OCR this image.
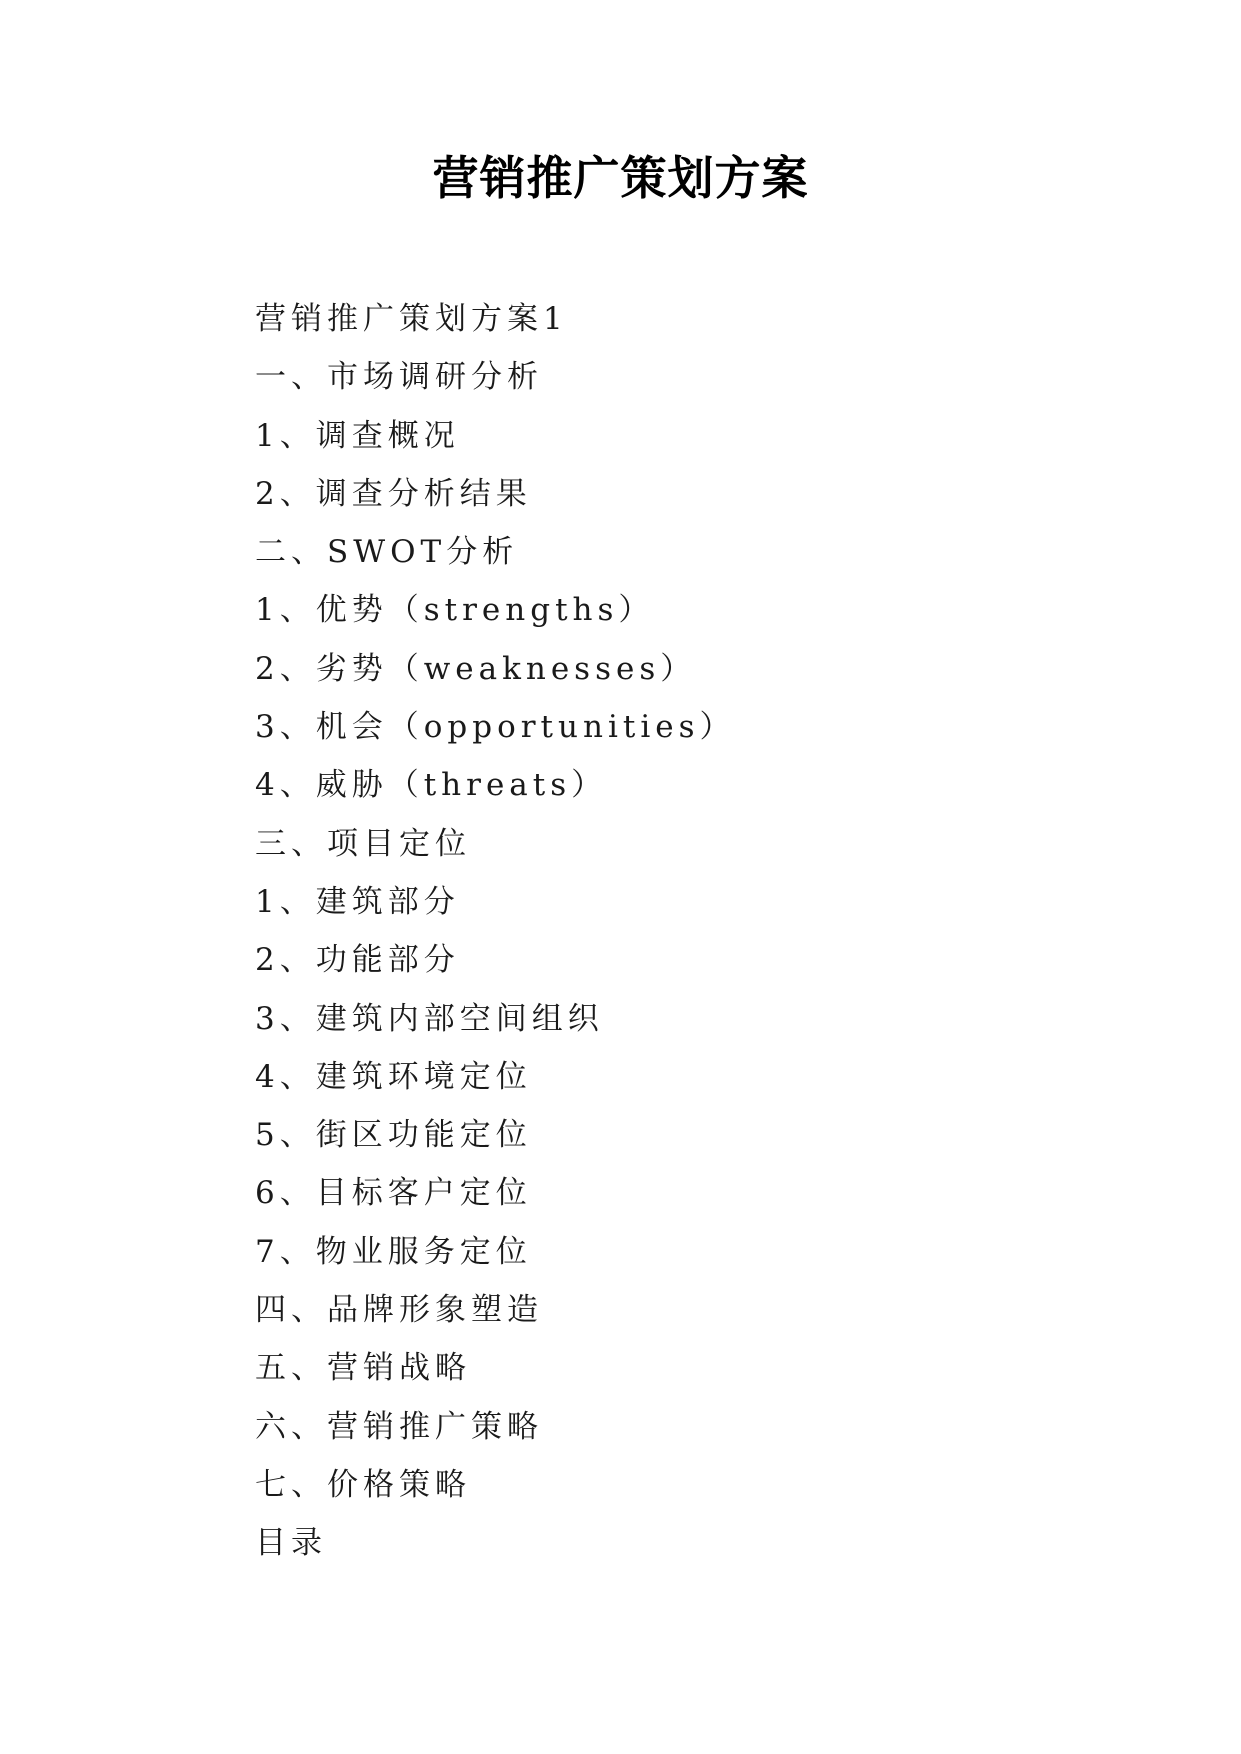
营销推广策划方案
营销推广策划方案1
一、市场调研分析
1、调查概况
2、调查分析结果
二、SWOT分析
1、优势（strengths）
2、劣势（weaknesses）
3、机会（opportunities）
4、威胁（threats）
三、项目定位
1、建筑部分
2、功能部分
3、建筑内部空间组织
4、建筑环境定位
5、街区功能定位
6、目标客户定位
7、物业服务定位
四、品牌形象塑造
五、营销战略
六、营销推广策略
七、价格策略
目录
